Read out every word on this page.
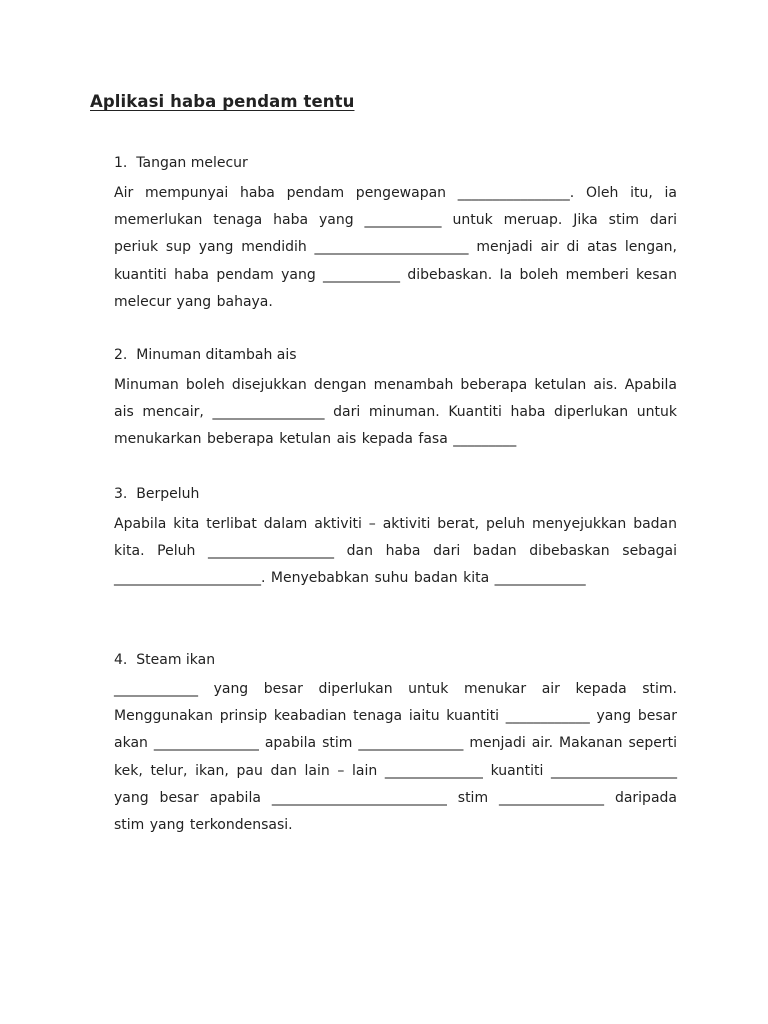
Aplikasi haba pendam tentu

1.  Tangan melecur

Air mempunyai haba pendam pengewapan ________________. Oleh itu, ia memerlukan tenaga haba yang ___________ untuk meruap. Jika stim dari periuk sup yang mendidih ______________________ menjadi air di atas lengan, kuantiti haba pendam yang ___________ dibebaskan. Ia boleh memberi kesan melecur yang bahaya.

2.  Minuman ditambah ais

Minuman boleh disejukkan dengan menambah beberapa ketulan ais. Apabila ais mencair, ________________ dari minuman. Kuantiti haba diperlukan untuk menukarkan beberapa ketulan ais kepada fasa _________

3.  Berpeluh

Apabila kita terlibat dalam aktiviti – aktiviti berat, peluh menyejukkan badan kita. Peluh __________________ dan haba dari badan dibebaskan sebagai _____________________. Menyebabkan suhu badan kita _____________

4.  Steam ikan

____________ yang besar diperlukan untuk menukar air kepada stim. Menggunakan prinsip keabadian tenaga iaitu kuantiti ____________ yang besar akan _______________ apabila stim _______________ menjadi air. Makanan seperti kek, telur, ikan, pau dan lain – lain ______________ kuantiti __________________ yang besar apabila _________________________ stim _______________ daripada stim yang terkondensasi.
